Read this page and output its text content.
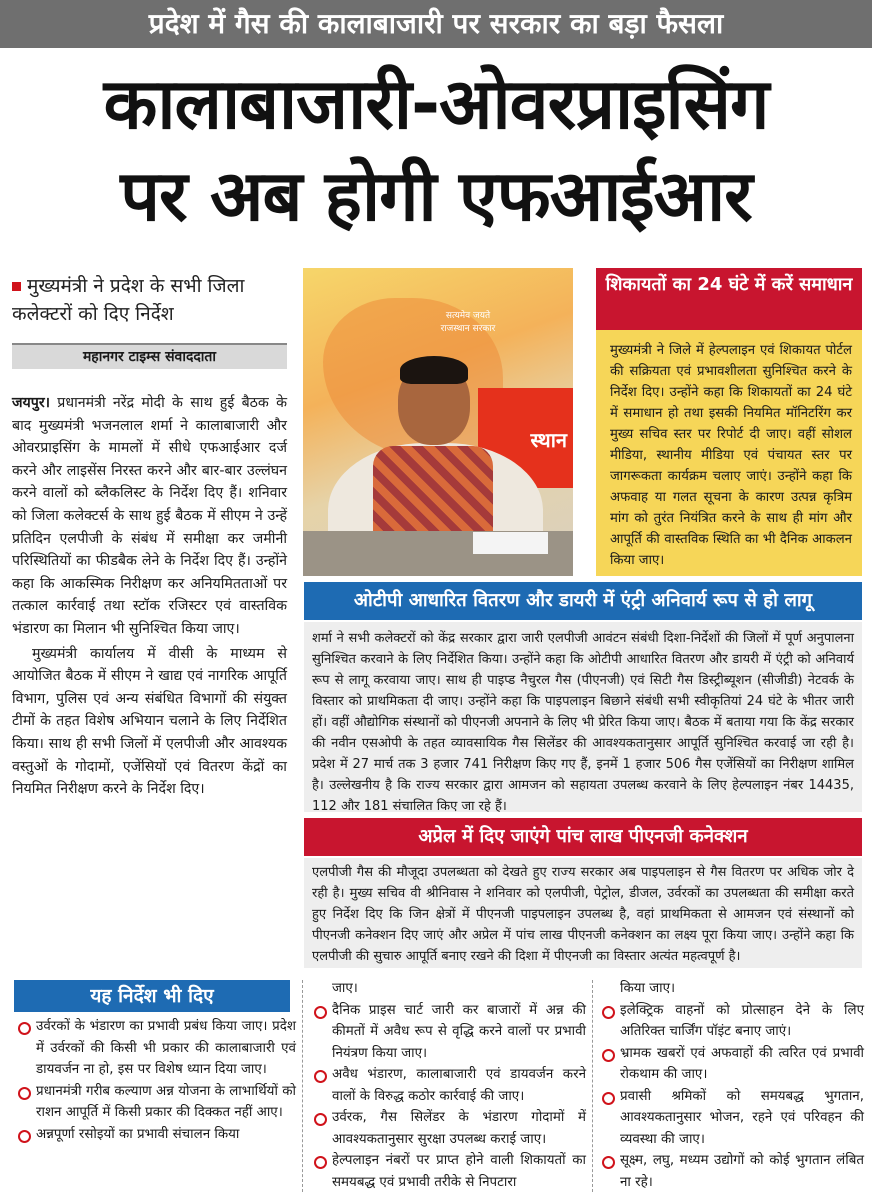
प्रदेश में गैस की कालाबाजारी पर सरकार का बड़ा फैसला
कालाबाजारी-ओवरप्राइसिंग
पर अब होगी एफआईआर
मुख्यमंत्री ने प्रदेश के सभी जिला कलेक्टरों को दिए निर्देश
महानगर टाइम्स संवाददाता

जयपुर। प्रधानमंत्री नरेंद्र मोदी के साथ हुई बैठक के बाद मुख्यमंत्री भजनलाल शर्मा ने कालाबाजारी और ओवरप्राइसिंग के मामलों में सीधे एफआईआर दर्ज करने और लाइसेंस निरस्त करने और बार-बार उल्लंघन करने वालों को ब्लैकलिस्ट के निर्देश दिए हैं। शनिवार को जिला कलेक्टर्स के साथ हुई बैठक में सीएम ने उन्हें प्रतिदिन एलपीजी के संबंध में समीक्षा कर जमीनी परिस्थितियों का फीडबैक लेने के निर्देश दिए हैं। उन्होंने कहा कि आकस्मिक निरीक्षण कर अनियमितताओं पर तत्काल कार्रवाई तथा स्टॉक रजिस्टर एवं वास्तविक भंडारण का मिलान भी सुनिश्चित किया जाए।

मुख्यमंत्री कार्यालय में वीसी के माध्यम से आयोजित बैठक में सीएम ने खाद्य एवं नागरिक आपूर्ति विभाग, पुलिस एवं अन्य संबंधित विभागों की संयुक्त टीमों के तहत विशेष अभियान चलाने के लिए निर्देशित किया। साथ ही सभी जिलों में एलपीजी और आवश्यक वस्तुओं के गोदामों, एजेंसियों एवं वितरण केंद्रों का नियमित निरीक्षण करने के निर्देश दिए।

सत्यमेव जयते राजस्थान सरकार
स्थान
शिकायतों का 24 घंटे में करें समाधान
मुख्यमंत्री ने जिले में हेल्पलाइन एवं शिकायत पोर्टल की सक्रियता एवं प्रभावशीलता सुनिश्चित करने के निर्देश दिए। उन्होंने कहा कि शिकायतों का 24 घंटे में समाधान हो तथा इसकी नियमित मॉनिटरिंग कर मुख्य सचिव स्तर पर रिपोर्ट दी जाए। वहीं सोशल मीडिया, स्थानीय मीडिया एवं पंचायत स्तर पर जागरूकता कार्यक्रम चलाए जाएं। उन्होंने कहा कि अफवाह या गलत सूचना के कारण उत्पन्न कृत्रिम मांग को तुरंत नियंत्रित करने के साथ ही मांग और आपूर्ति की वास्तविक स्थिति का भी दैनिक आकलन किया जाए।
ओटीपी आधारित वितरण और डायरी में एंट्री अनिवार्य रूप से हो लागू
शर्मा ने सभी कलेक्टरों को केंद्र सरकार द्वारा जारी एलपीजी आवंटन संबंधी दिशा-निर्देशों की जिलों में पूर्ण अनुपालना सुनिश्चित करवाने के लिए निर्देशित किया। उन्होंने कहा कि ओटीपी आधारित वितरण और डायरी में एंट्री को अनिवार्य रूप से लागू करवाया जाए। साथ ही पाइप्ड नैचुरल गैस (पीएनजी) एवं सिटी गैस डिस्ट्रीब्यूशन (सीजीडी) नेटवर्क के विस्तार को प्राथमिकता दी जाए। उन्होंने कहा कि पाइपलाइन बिछाने संबंधी सभी स्वीकृतियां 24 घंटे के भीतर जारी हों। वहीं औद्योगिक संस्थानों को पीएनजी अपनाने के लिए भी प्रेरित किया जाए। बैठक में बताया गया कि केंद्र सरकार की नवीन एसओपी के तहत व्यावसायिक गैस सिलेंडर की आवश्यकतानुसार आपूर्ति सुनिश्चित करवाई जा रही है। प्रदेश में 27 मार्च तक 3 हजार 741 निरीक्षण किए गए हैं, इनमें 1 हजार 506 गैस एजेंसियों का निरीक्षण शामिल है। उल्लेखनीय है कि राज्य सरकार द्वारा आमजन को सहायता उपलब्ध करवाने के लिए हेल्पलाइन नंबर 14435, 112 और 181 संचालित किए जा रहे हैं।
अप्रेल में दिए जाएंगे पांच लाख पीएनजी कनेक्शन
एलपीजी गैस की मौजूदा उपलब्धता को देखते हुए राज्य सरकार अब पाइपलाइन से गैस वितरण पर अधिक जोर दे रही है। मुख्य सचिव वी श्रीनिवास ने शनिवार को एलपीजी, पेट्रोल, डीजल, उर्वरकों का उपलब्धता की समीक्षा करते हुए निर्देश दिए कि जिन क्षेत्रों में पीएनजी पाइपलाइन उपलब्ध है, वहां प्राथमिकता से आमजन एवं संस्थानों को पीएनजी कनेक्शन दिए जाएं और अप्रेल में पांच लाख पीएनजी कनेक्शन का लक्ष्य पूरा किया जाए। उन्होंने कहा कि एलपीजी की सुचारु आपूर्ति बनाए रखने की दिशा में पीएनजी का विस्तार अत्यंत महत्वपूर्ण है।
यह निर्देश भी दिए
उर्वरकों के भंडारण का प्रभावी प्रबंध किया जाए। प्रदेश में उर्वरकों की किसी भी प्रकार की कालाबाजारी एवं डायवर्जन ना हो, इस पर विशेष ध्यान दिया जाए।
प्रधानमंत्री गरीब कल्याण अन्न योजना के लाभार्थियों को राशन आपूर्ति में किसी प्रकार की दिक्कत नहीं आए।
अन्नपूर्णा रसोइयों का प्रभावी संचालन किया
जाए।
दैनिक प्राइस चार्ट जारी कर बाजारों में अन्न की कीमतों में अवैध रूप से वृद्धि करने वालों पर प्रभावी नियंत्रण किया जाए।
अवैध भंडारण, कालाबाजारी एवं डायवर्जन करने वालों के विरुद्ध कठोर कार्रवाई की जाए।
उर्वरक, गैस सिलेंडर के भंडारण गोदामों में आवश्यकतानुसार सुरक्षा उपलब्ध कराई जाए।
हेल्पलाइन नंबरों पर प्राप्त होने वाली शिकायतों का समयबद्ध एवं प्रभावी तरीके से निपटारा
किया जाए।
इलेक्ट्रिक वाहनों को प्रोत्साहन देने के लिए अतिरिक्त चार्जिंग पॉइंट बनाए जाएं।
भ्रामक खबरों एवं अफवाहों की त्वरित एवं प्रभावी रोकथाम की जाए।
प्रवासी श्रमिकों को समयबद्ध भुगतान, आवश्यकतानुसार भोजन, रहने एवं परिवहन की व्यवस्था की जाए।
सूक्ष्म, लघु, मध्यम उद्योगों को कोई भुगतान लंबित ना रहे।
